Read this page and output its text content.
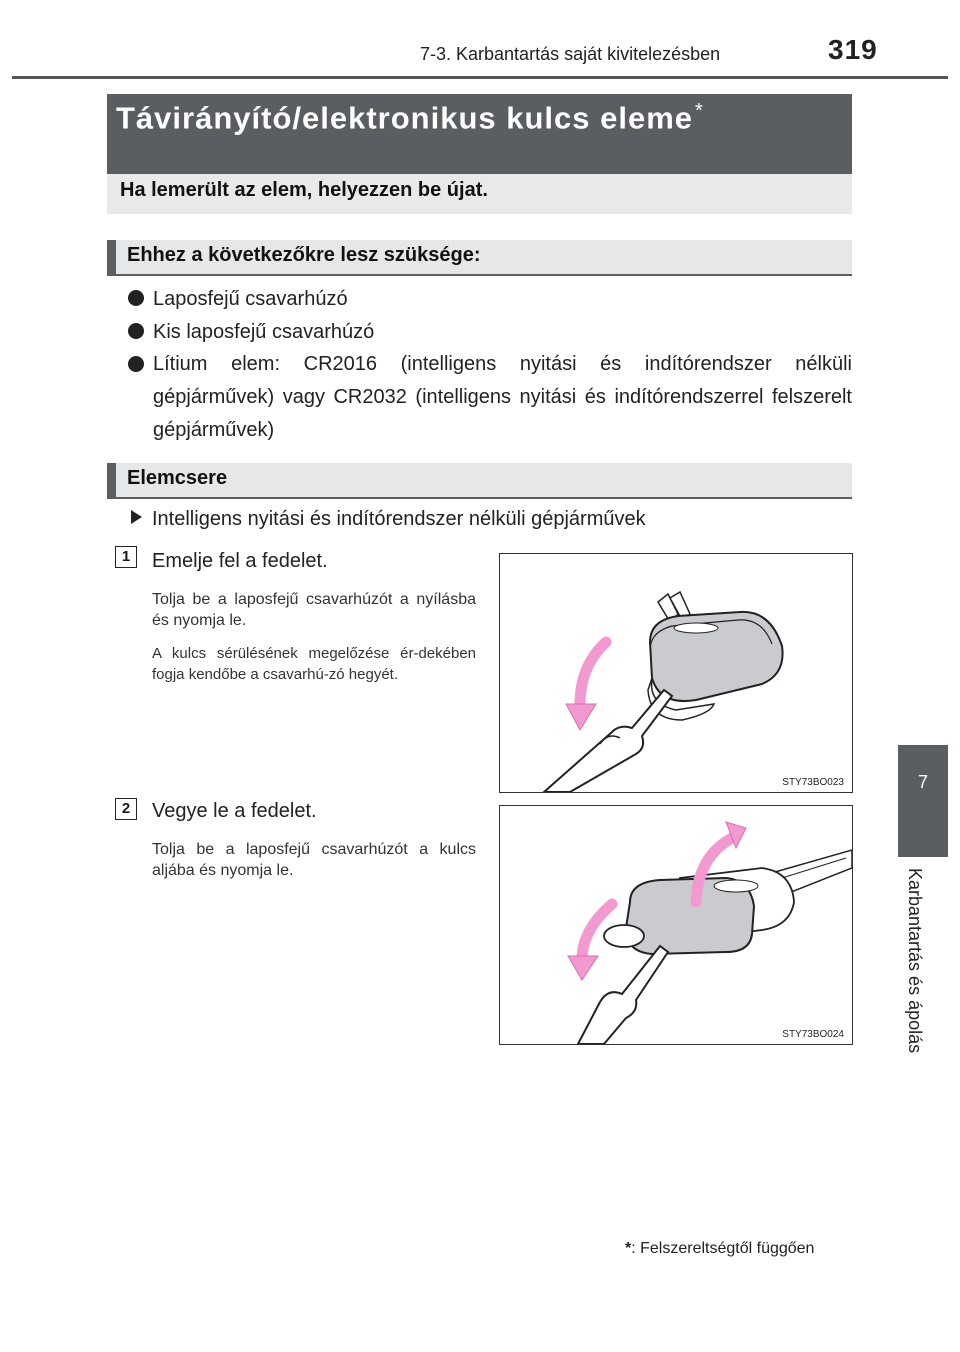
7-3. Karbantartás saját kivitelezésben	319
Távirányító/elektronikus kulcs eleme *
Ha lemerült az elem, helyezzen be újat.
Ehhez a következőkre lesz szüksége:
Laposfejű csavarhúzó
Kis laposfejű csavarhúzó
Lítium elem: CR2016 (intelligens nyitási és indítórendszer nélküli gépjárművek) vagy CR2032 (intelligens nyitási és indítórendszerrel felszerelt gépjárművek)
Elemcsere
Intelligens nyitási és indítórendszer nélküli gépjárművek
1	Emelje fel a fedelet.
Tolja be a laposfejű csavarhúzót a nyílásba és nyomja le.
A kulcs sérülésének megelőzése ér-dekében fogja kendőbe a csavarhú-zó hegyét.
STY73BO023
2	Vegye le a fedelet.
Tolja be a laposfejű csavarhúzót a kulcs aljába és nyomja le.
STY73BO024
7
Karbantartás és ápolás
*: Felszereltségtől függően
